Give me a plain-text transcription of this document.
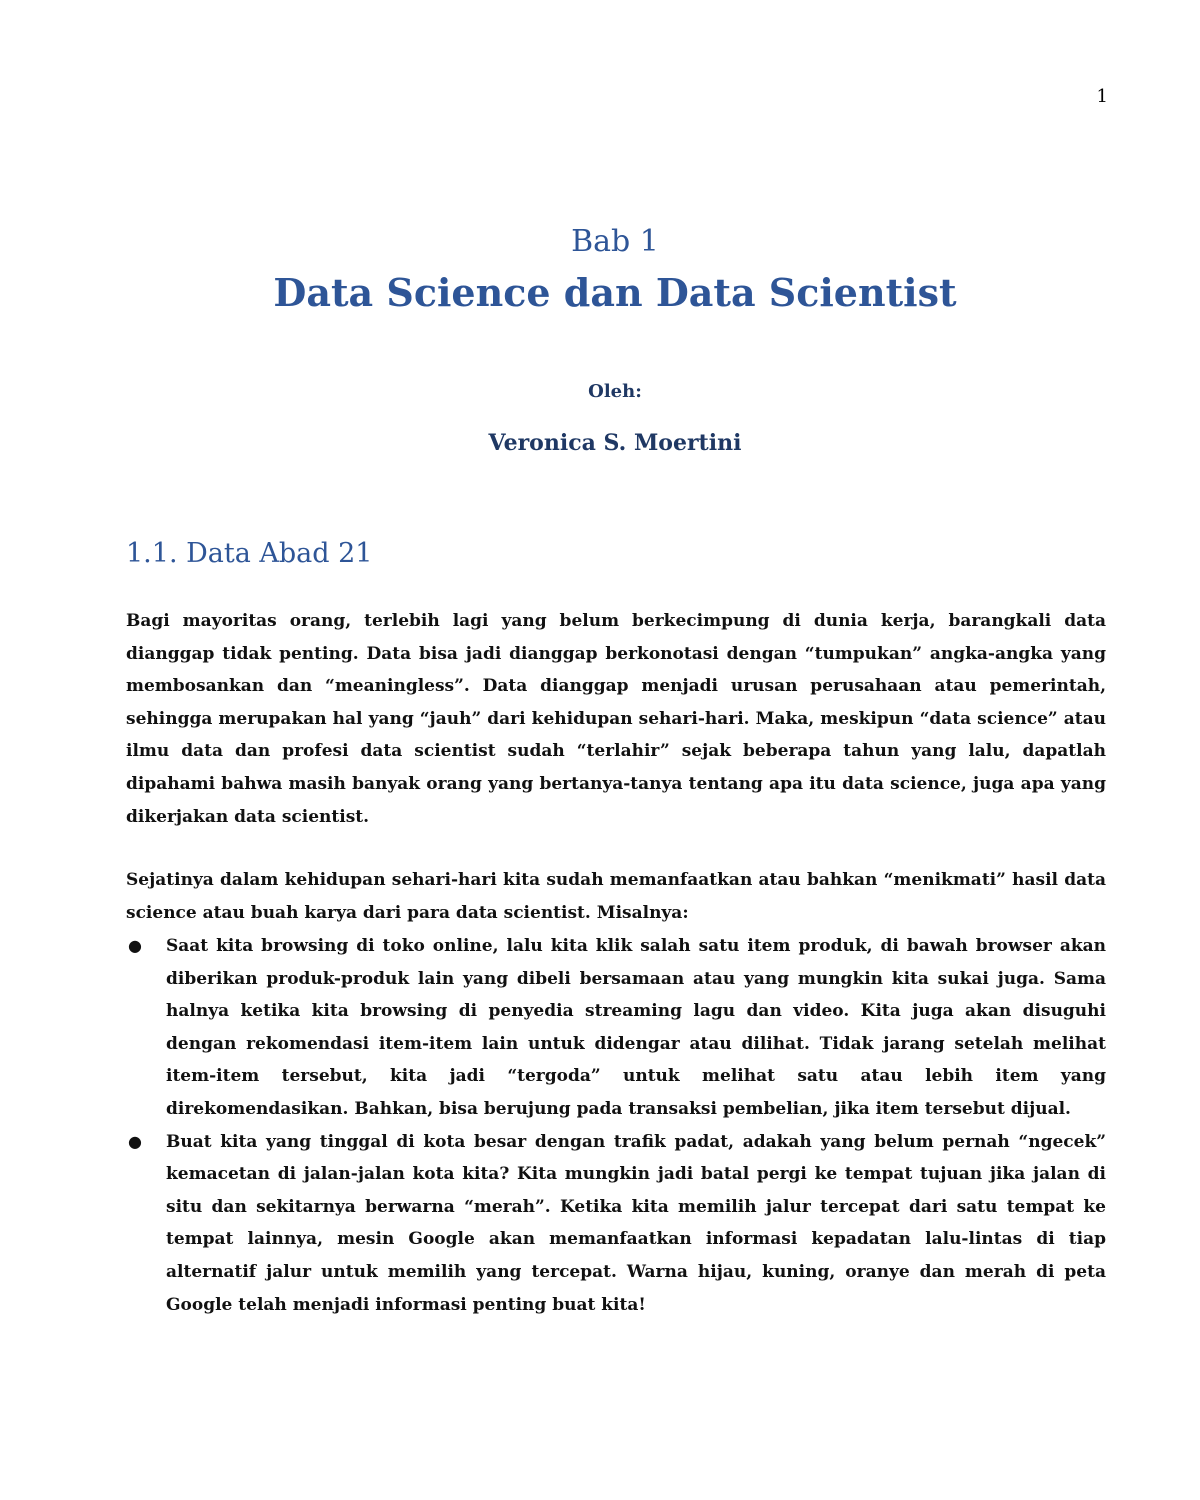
1
Bab 1
Data Science dan Data Scientist
Oleh:
Veronica S. Moertini
1.1. Data Abad 21
Bagi mayoritas orang, terlebih lagi yang belum berkecimpung di dunia kerja, barangkali data dianggap tidak penting. Data bisa jadi dianggap berkonotasi dengan “tumpukan” angka-angka yang membosankan dan “meaningless”. Data dianggap menjadi urusan perusahaan atau pemerintah, sehingga merupakan hal yang “jauh” dari kehidupan sehari-hari. Maka, meskipun “data science” atau ilmu data dan profesi data scientist sudah “terlahir” sejak beberapa tahun yang lalu, dapatlah dipahami bahwa masih banyak orang yang bertanya-tanya tentang apa itu data science, juga apa yang dikerjakan data scientist.
Sejatinya dalam kehidupan sehari-hari kita sudah memanfaatkan atau bahkan “menikmati” hasil data science atau buah karya dari para data scientist. Misalnya:
● Saat kita browsing di toko online, lalu kita klik salah satu item produk, di bawah browser akan diberikan produk-produk lain yang dibeli bersamaan atau yang mungkin kita sukai juga. Sama halnya ketika kita browsing di penyedia streaming lagu dan video. Kita juga akan disuguhi dengan rekomendasi item-item lain untuk didengar atau dilihat. Tidak jarang setelah melihat item-item tersebut, kita jadi “tergoda” untuk melihat satu atau lebih item yang direkomendasikan. Bahkan, bisa berujung pada transaksi pembelian, jika item tersebut dijual.
● Buat kita yang tinggal di kota besar dengan trafik padat, adakah yang belum pernah “ngecek” kemacetan di jalan-jalan kota kita? Kita mungkin jadi batal pergi ke tempat tujuan jika jalan di situ dan sekitarnya berwarna “merah”. Ketika kita memilih jalur tercepat dari satu tempat ke tempat lainnya, mesin Google akan memanfaatkan informasi kepadatan lalu-lintas di tiap alternatif jalur untuk memilih yang tercepat. Warna hijau, kuning, oranye dan merah di peta Google telah menjadi informasi penting buat kita!
